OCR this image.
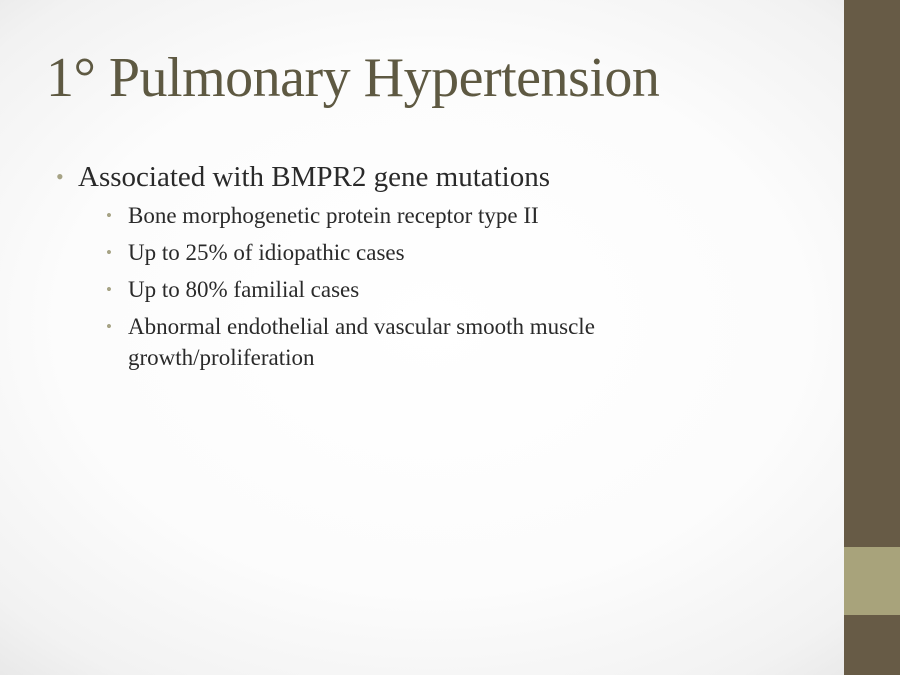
1° Pulmonary Hypertension
• Associated with BMPR2 gene mutations
• Bone morphogenetic protein receptor type II
• Up to 25% of idiopathic cases
• Up to 80% familial cases
• Abnormal endothelial and vascular smooth muscle growth/proliferation
